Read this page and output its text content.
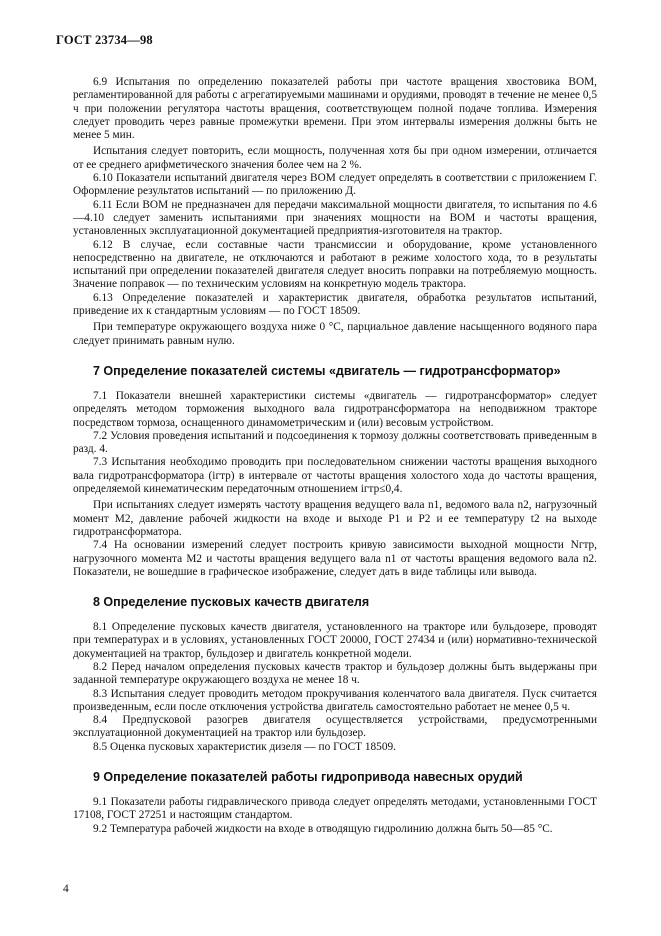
ГОСТ 23734—98

6.9 Испытания по определению показателей работы при частоте вращения хвостовика ВОМ, регламентированной для работы с агрегатируемыми машинами и орудиями, проводят в течение не менее 0,5 ч при положении регулятора частоты вращения, соответствующем полной подаче топлива. Измерения следует проводить через равные промежутки времени. При этом интервалы измерения должны быть не менее 5 мин.

Испытания следует повторить, если мощность, полученная хотя бы при одном измерении, отличается от ее среднего арифметического значения более чем на 2 %.

6.10 Показатели испытаний двигателя через ВОМ следует определять в соответствии с приложением Г. Оформление результатов испытаний — по приложению Д.

6.11 Если ВОМ не предназначен для передачи максимальной мощности двигателя, то испытания по 4.6—4.10 следует заменить испытаниями при значениях мощности на ВОМ и частоты вращения, установленных эксплуатационной документацией предприятия-изготовителя на трактор.

6.12 В случае, если составные части трансмиссии и оборудование, кроме установленного непосредственно на двигателе, не отключаются и работают в режиме холостого хода, то в результаты испытаний при определении показателей двигателя следует вносить поправки на потребляемую мощность. Значение поправок — по техническим условиям на конкретную модель трактора.

6.13 Определение показателей и характеристик двигателя, обработка результатов испытаний, приведение их к стандартным условиям — по ГОСТ 18509.

При температуре окружающего воздуха ниже 0 °С, парциальное давление насыщенного водяного пара следует принимать равным нулю.

7 Определение показателей системы «двигатель — гидротрансформатор»

7.1 Показатели внешней характеристики системы «двигатель — гидротрансформатор» следует определять методом торможения выходного вала гидротрансформатора на неподвижном тракторе посредством тормоза, оснащенного динамометрическим и (или) весовым устройством.

7.2 Условия проведения испытаний и подсоединения к тормозу должны соответствовать приведенным в разд. 4.

7.3 Испытания необходимо проводить при последовательном снижении частоты вращения выходного вала гидротрансформатора (iгтр) в интервале от частоты вращения холостого хода до частоты вращения, определяемой кинематическим передаточным отношением iгтр≤0,4.

При испытаниях следует измерять частоту вращения ведущего вала n1, ведомого вала n2, нагрузочный момент M2, давление рабочей жидкости на входе и выходе P1 и P2 и ее температуру t2 на выходе гидротрансформатора.

7.4 На основании измерений следует построить кривую зависимости выходной мощности Nгтр, нагрузочного момента M2 и частоты вращения ведущего вала n1 от частоты вращения ведомого вала n2. Показатели, не вошедшие в графическое изображение, следует дать в виде таблицы или вывода.

8 Определение пусковых качеств двигателя

8.1 Определение пусковых качеств двигателя, установленного на тракторе или бульдозере, проводят при температурах и в условиях, установленных ГОСТ 20000, ГОСТ 27434 и (или) нормативно-технической документацией на трактор, бульдозер и двигатель конкретной модели.

8.2 Перед началом определения пусковых качеств трактор и бульдозер должны быть выдержаны при заданной температуре окружающего воздуха не менее 18 ч.

8.3 Испытания следует проводить методом прокручивания коленчатого вала двигателя. Пуск считается произведенным, если после отключения устройства двигатель самостоятельно работает не менее 0,5 ч.

8.4 Предпусковой разогрев двигателя осуществляется устройствами, предусмотренными эксплуатационной документацией на трактор или бульдозер.

8.5 Оценка пусковых характеристик дизеля — по ГОСТ 18509.

9 Определение показателей работы гидропривода навесных орудий

9.1 Показатели работы гидравлического привода следует определять методами, установленными ГОСТ 17108, ГОСТ 27251 и настоящим стандартом.

9.2 Температура рабочей жидкости на входе в отводящую гидролинию должна быть 50—85 °С.

4
